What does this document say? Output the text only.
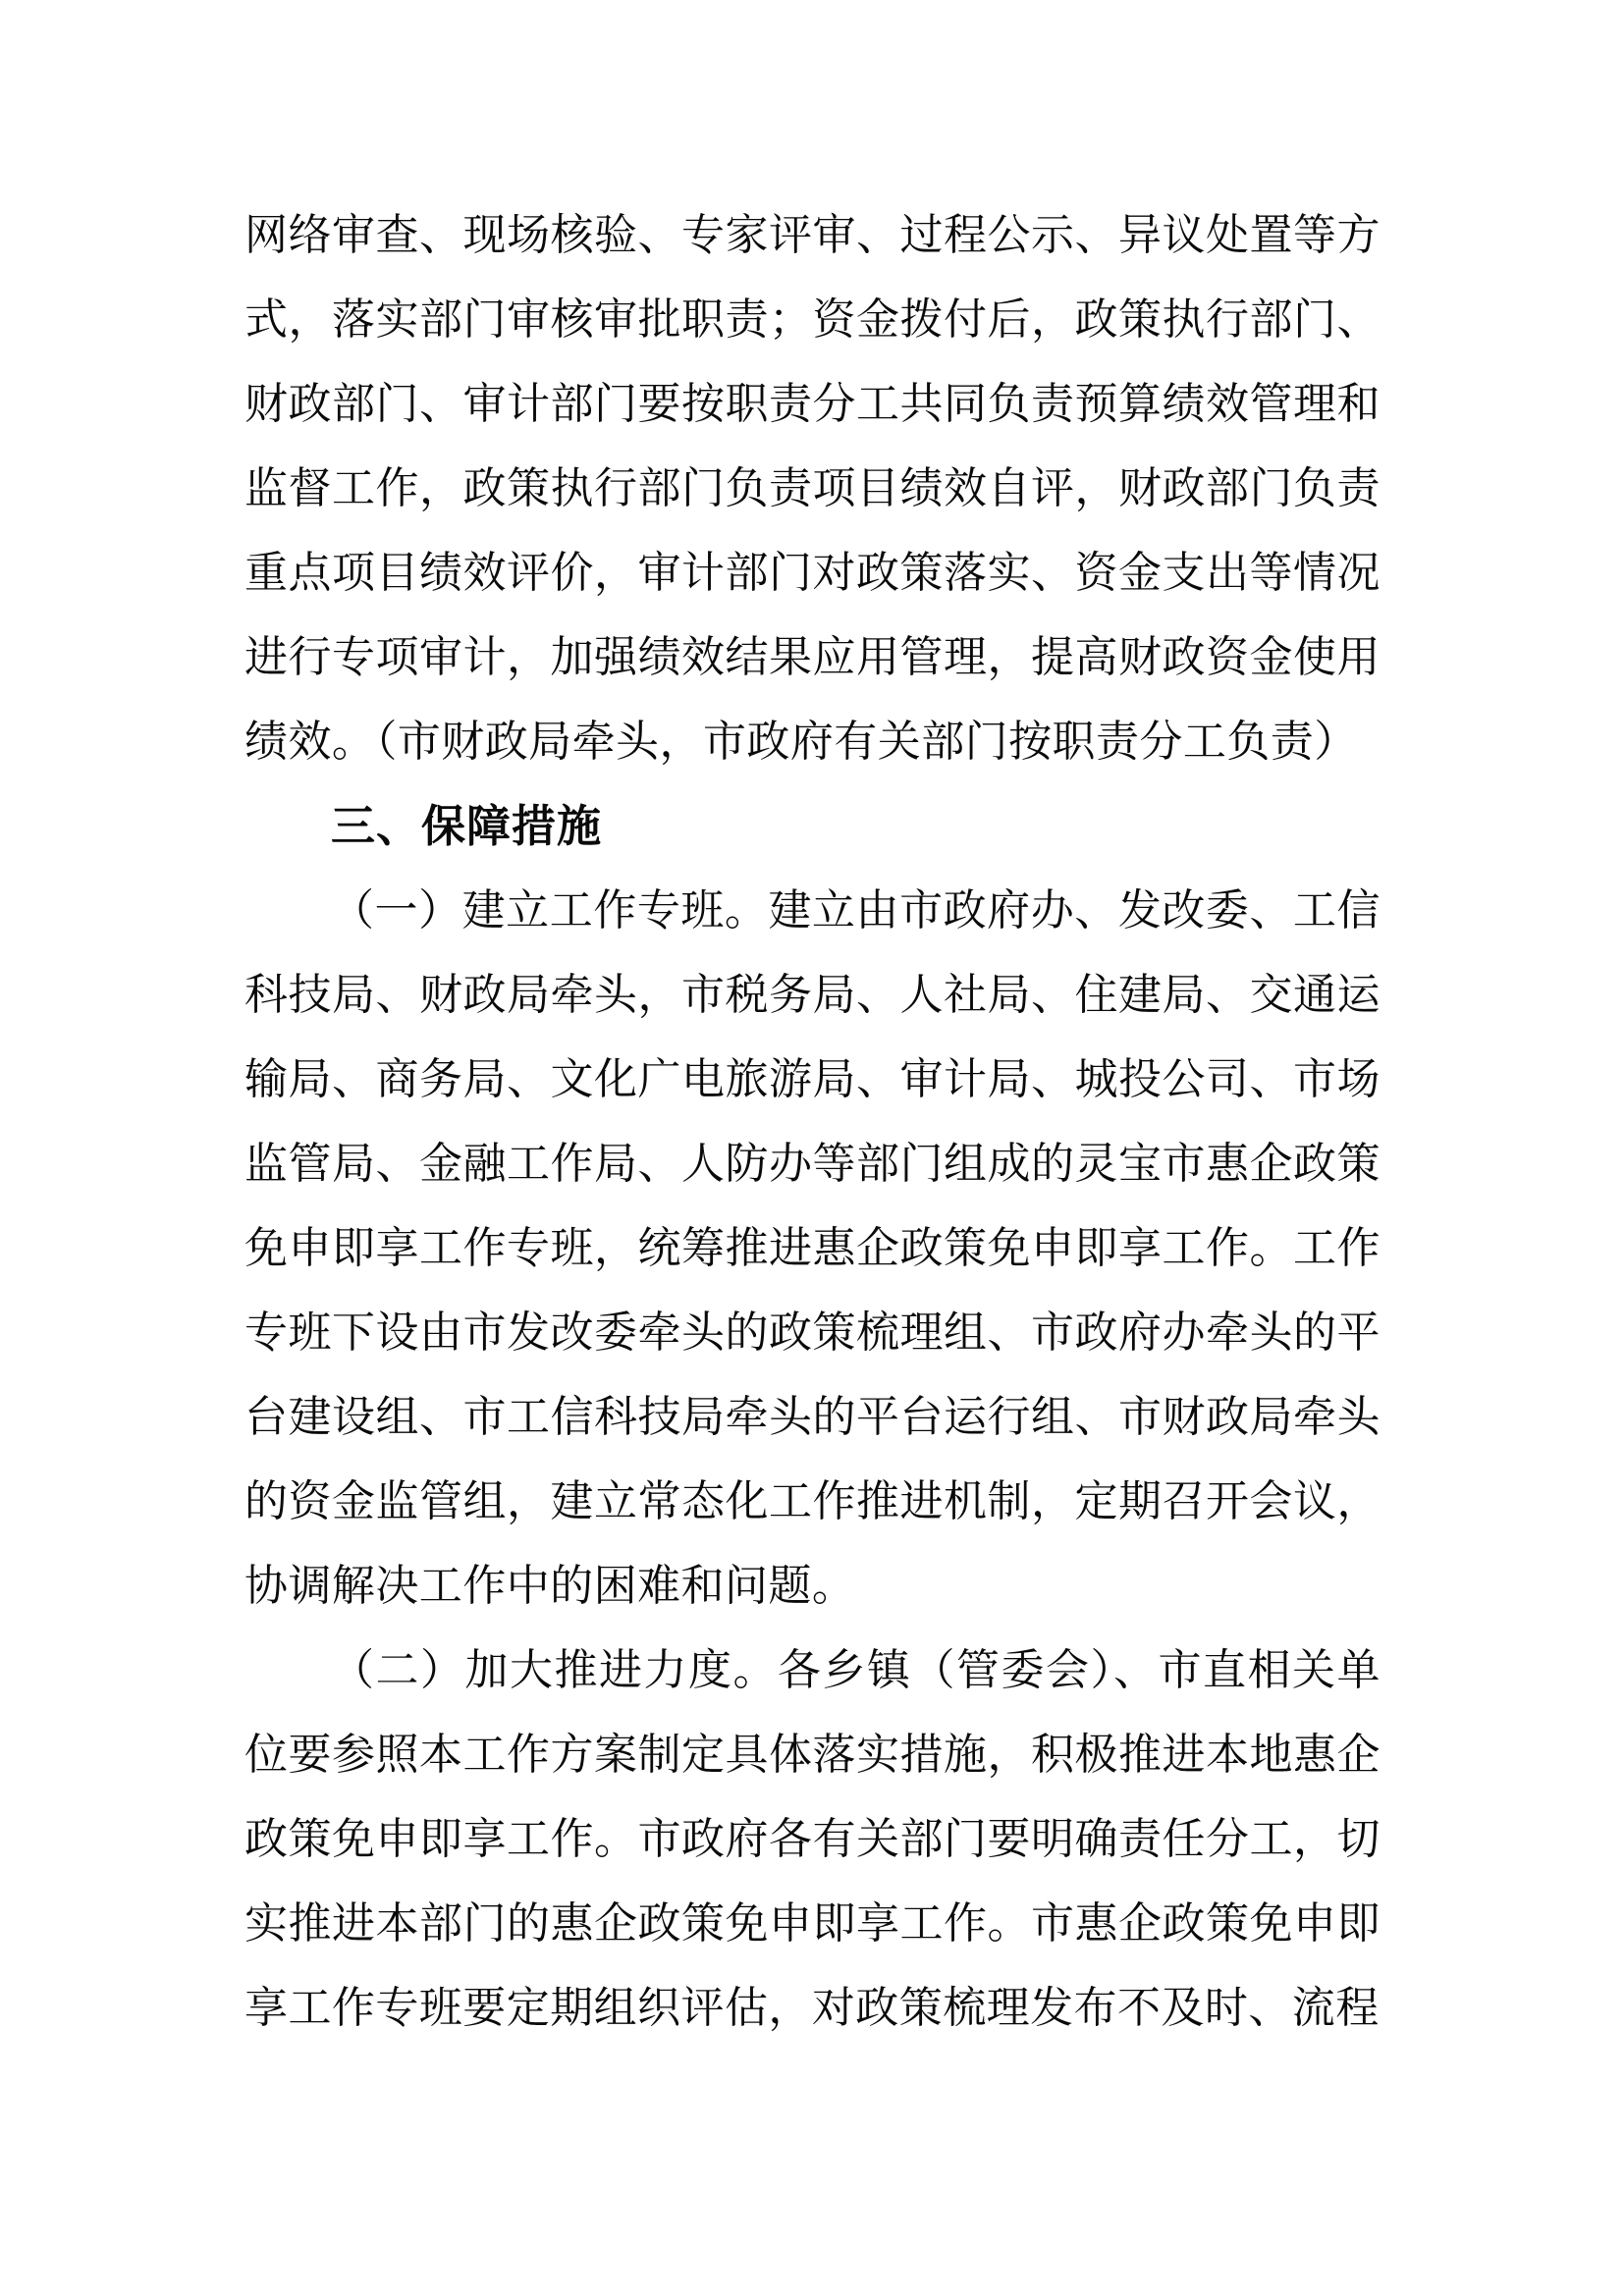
网络审查、现场核验、专家评审、过程公示、异议处置等方式，落实部门审核审批职责；资金拨付后，政策执行部门、财政部门、审计部门要按职责分工共同负责预算绩效管理和监督工作，政策执行部门负责项目绩效自评，财政部门负责重点项目绩效评价，审计部门对政策落实、资金支出等情况进行专项审计，加强绩效结果应用管理，提高财政资金使用绩效。（市财政局牵头，市政府有关部门按职责分工负责）

三、保障措施

（一）建立工作专班。建立由市政府办、发改委、工信科技局、财政局牵头，市税务局、人社局、住建局、交通运输局、商务局、文化广电旅游局、审计局、城投公司、市场监管局、金融工作局、人防办等部门组成的灵宝市惠企政策免申即享工作专班，统筹推进惠企政策免申即享工作。工作专班下设由市发改委牵头的政策梳理组、市政府办牵头的平台建设组、市工信科技局牵头的平台运行组、市财政局牵头的资金监管组，建立常态化工作推进机制，定期召开会议，协调解决工作中的困难和问题。

（二）加大推进力度。各乡镇（管委会）、市直相关单位要参照本工作方案制定具体落实措施，积极推进本地惠企政策免申即享工作。市政府各有关部门要明确责任分工，切实推进本部门的惠企政策免申即享工作。市惠企政策免申即享工作专班要定期组织评估，对政策梳理发布不及时、流程
